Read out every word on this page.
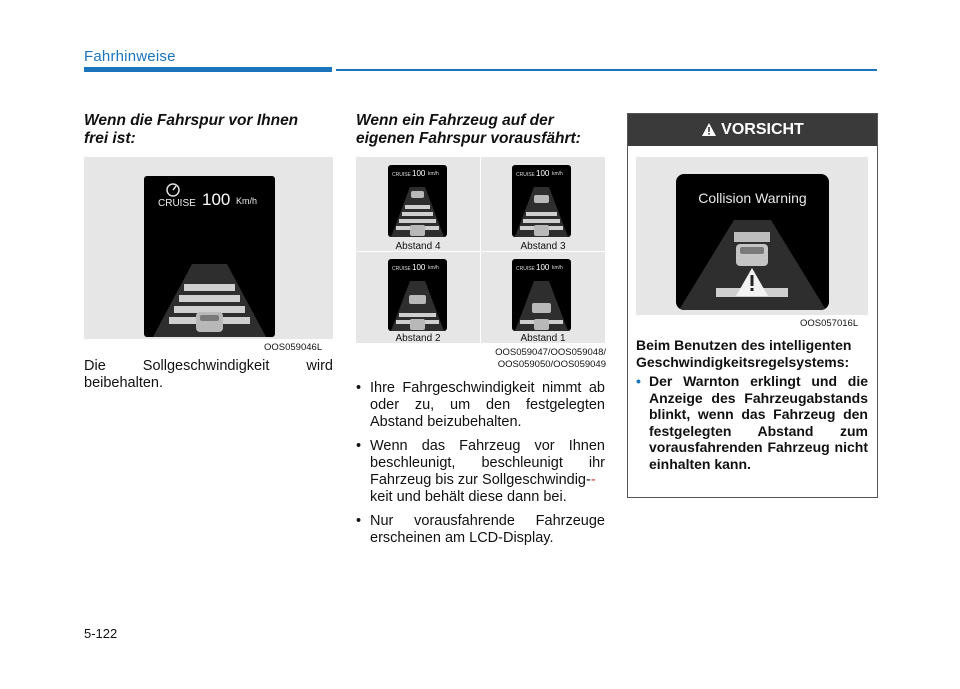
Fahrhinweise
Wenn die Fahrspur vor Ihnen frei ist:
CRUISE 100 Km/h
OOS059046L
Die Sollgeschwindigkeit wird beibehalten.
Wenn ein Fahrzeug auf der eigenen Fahrspur vorausfährt:
CRUISE 100 km/h
Abstand 4
CRUISE 100 km/h
Abstand 3
CRUISE 100 km/h
Abstand 2
CRUISE 100 km/h
Abstand 1
OOS059047/OOS059048/
OOS059050/OOS059049
• Ihre Fahrgeschwindigkeit nimmt ab oder zu, um den festgelegten Abstand beizubehalten.
• Wenn das Fahrzeug vor Ihnen beschleunigt, beschleunigt ihr Fahrzeug bis zur Sollgeschwindig--
keit und behält diese dann bei.
• Nur vorausfahrende Fahrzeuge erscheinen am LCD-Display.
VORSICHT
Collision Warning
OOS057016L
Beim Benutzen des intelligenten Geschwindigkeitsregelsystems:
• Der Warnton erklingt und die Anzeige des Fahrzeugabstands blinkt, wenn das Fahrzeug den festgelegten Abstand zum vorausfahrenden Fahrzeug nicht einhalten kann.
5-122
